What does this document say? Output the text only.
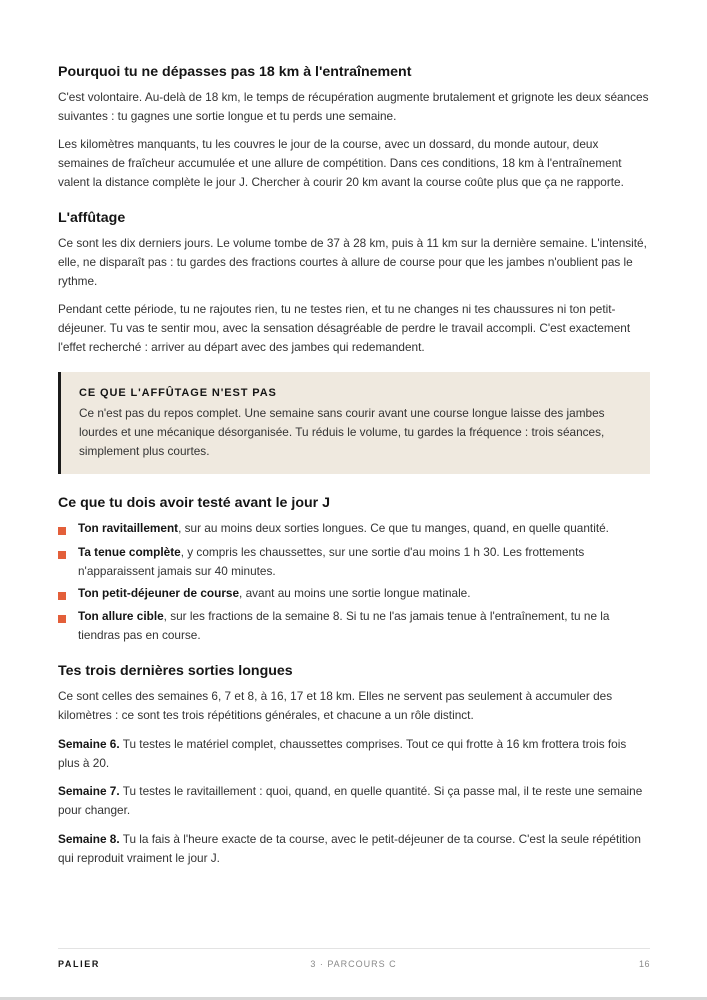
Pourquoi tu ne dépasses pas 18 km à l'entraînement

C'est volontaire. Au-delà de 18 km, le temps de récupération augmente brutalement et grignote les deux séances suivantes : tu gagnes une sortie longue et tu perds une semaine.

Les kilomètres manquants, tu les couvres le jour de la course, avec un dossard, du monde autour, deux semaines de fraîcheur accumulée et une allure de compétition. Dans ces conditions, 18 km à l'entraînement valent la distance complète le jour J. Chercher à courir 20 km avant la course coûte plus que ça ne rapporte.

L'affûtage

Ce sont les dix derniers jours. Le volume tombe de 37 à 28 km, puis à 11 km sur la dernière semaine. L'intensité, elle, ne disparaît pas : tu gardes des fractions courtes à allure de course pour que les jambes n'oublient pas le rythme.

Pendant cette période, tu ne rajoutes rien, tu ne testes rien, et tu ne changes ni tes chaussures ni ton petit-déjeuner. Tu vas te sentir mou, avec la sensation désagréable de perdre le travail accompli. C'est exactement l'effet recherché : arriver au départ avec des jambes qui redemandent.

CE QUE L'AFFÛTAGE N'EST PAS
Ce n'est pas du repos complet. Une semaine sans courir avant une course longue laisse des jambes lourdes et une mécanique désorganisée. Tu réduis le volume, tu gardes la fréquence : trois séances, simplement plus courtes.
Ce que tu dois avoir testé avant le jour J
Ton ravitaillement, sur au moins deux sorties longues. Ce que tu manges, quand, en quelle quantité.
Ta tenue complète, y compris les chaussettes, sur une sortie d'au moins 1 h 30. Les frottements n'apparaissent jamais sur 40 minutes.
Ton petit-déjeuner de course, avant au moins une sortie longue matinale.
Ton allure cible, sur les fractions de la semaine 8. Si tu ne l'as jamais tenue à l'entraînement, tu ne la tiendras pas en course.
Tes trois dernières sorties longues

Ce sont celles des semaines 6, 7 et 8, à 16, 17 et 18 km. Elles ne servent pas seulement à accumuler des kilomètres : ce sont tes trois répétitions générales, et chacune a un rôle distinct.

Semaine 6. Tu testes le matériel complet, chaussettes comprises. Tout ce qui frotte à 16 km frottera trois fois plus à 20.

Semaine 7. Tu testes le ravitaillement : quoi, quand, en quelle quantité. Si ça passe mal, il te reste une semaine pour changer.

Semaine 8. Tu la fais à l'heure exacte de ta course, avec le petit-déjeuner de ta course. C'est la seule répétition qui reproduit vraiment le jour J.

PALIER	3 · PARCOURS C	16
